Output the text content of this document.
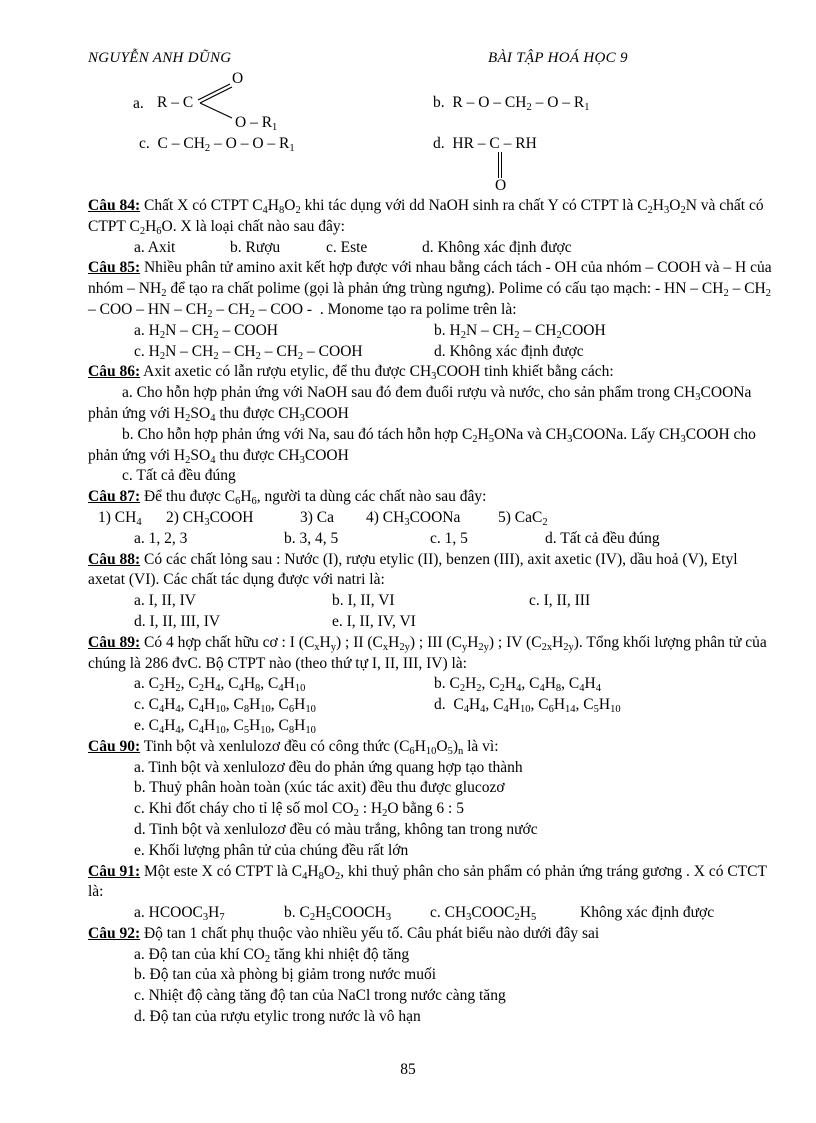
NGUYỄN ANH DŨNG	BÀI TẬP HOÁ HỌC 9
a. R – C
O
O – $R_1$
b. R – O – $CH_2$ – O – $R_1$
c. C – $CH_2$ – O – O – $R_1$	d. HR – C – RH
O
Câu 84: Chất X có CTPT $C_4H_8O_2$ khi tác dụng với dd NaOH sinh ra chất Y có CTPT là $C_2H_3O_2N$ và chất có CTPT $C_2H_6O$. X là loại chất nào sau đây:
a. Axit	b. Rượu	c. Este	d. Không xác định được
Câu 85: Nhiều phân tử amino axit kết hợp được với nhau bằng cách tách - OH của nhóm – COOH và – H của nhóm – $NH_2$ để tạo ra chất polime (gọi là phản ứng trùng ngưng). Polime có cấu tạo mạch: - HN – $CH_2 - CH_2$ – COO – HN – $CH_2 - CH_2$ – COO -  . Monome tạo ra polime trên là:
a. $H_2N - CH_2$ – COOH	b. $H_2N - CH_2$ – $CH_2COOH$
c. $H_2N - CH_2 - CH_2 - CH_2$ – COOH	d. Không xác định được
Câu 86: Axit axetic có lẫn rượu etylic, để thu được $CH_3COOH$ tinh khiết bằng cách:
a. Cho hỗn hợp phản ứng với NaOH sau đó đem đuổi rượu và nước, cho sản phẩm trong $CH_3COONa$ phản ứng với $H_2SO_4$ thu được $CH_3COOH$
b. Cho hỗn hợp phản ứng với Na, sau đó tách hỗn hợp $C_2H_5ONa$ và $CH_3COONa$. Lấy $CH_3COOH$ cho phản ứng với $H_2SO_4$ thu được $CH_3COOH$
c. Tất cả đều đúng
Câu 87: Để thu được $C_6H_6$, người ta dùng các chất nào sau đây:
1) $CH_4$	2) $CH_3COOH$	3) Ca	4) $CH_3COONa$	5) CaC$_2$
a. 1, 2, 3	b. 3, 4, 5	c. 1, 5	d. Tất cả đều đúng
Câu 88: Có các chất lỏng sau : Nước (I), rượu etylic (II), benzen (III), axit axetic (IV), dầu hoả (V), Etyl axetat (VI). Các chất tác dụng được với natri là:
a. I, II, IV	b. I, II, VI	c. I, II, III
d. I, II, III, IV	e. I, II, IV, VI
Câu 89: Có 4 hợp chất hữu cơ : I $(C_xH_y)$ ; II $(C_xH_{2y})$ ; III $(C_yH_{2y})$ ; IV $(C_{2x}H_{2y})$. Tổng khối lượng phân tử của chúng là 286 đvC. Bộ CTPT nào (theo thứ tự I, II, III, IV) là:
a. $C_2H_2$, $C_2H_4$, $C_4H_8$, $C_4H_{10}$	b. $C_2H_2$, $C_2H_4$, $C_4H_8$, $C_4H_4$
c. $C_4H_4$, $C_4H_{10}$, $C_8H_{10}$, $C_6H_{10}$	d.  $C_4H_4$, $C_4H_{10}$, $C_6H_{14}$, $C_5H_{10}$
e. $C_4H_4$, $C_4H_{10}$, $C_5H_{10}$, $C_8H_{10}$
Câu 90: Tinh bột và xenlulozơ đều có công thức $(C_6H_{10}O_5)_n$ là vì:
a. Tinh bột và xenlulozơ đều do phản ứng quang hợp tạo thành
b. Thuỷ phân hoàn toàn (xúc tác axit) đều thu được glucozơ
c. Khi đốt cháy cho tỉ lệ số mol $CO_2$ : $H_2O$ bằng 6 : 5
d. Tinh bột và xenlulozơ đều có màu trắng, không tan trong nước
e. Khối lượng phân tử của chúng đều rất lớn
Câu 91: Một este X có CTPT là $C_4H_8O_2$, khi thuỷ phân cho sản phẩm có phản ứng tráng gương . X có CTCT là:
a. $HCOOC_3H_7$	b. $C_2H_5COOCH_3$	c. $CH_3COOC_2H_5$	Không xác định được
Câu 92: Độ tan 1 chất phụ thuộc vào nhiều yếu tố. Câu phát biểu nào dưới đây sai
a. Độ tan của khí $CO_2$ tăng khi nhiệt độ tăng
b. Độ tan của xà phòng bị giảm trong nước muối
c. Nhiệt độ càng tăng độ tan của NaCl trong nước càng tăng
d. Độ tan của rượu etylic trong nước là vô hạn
85
